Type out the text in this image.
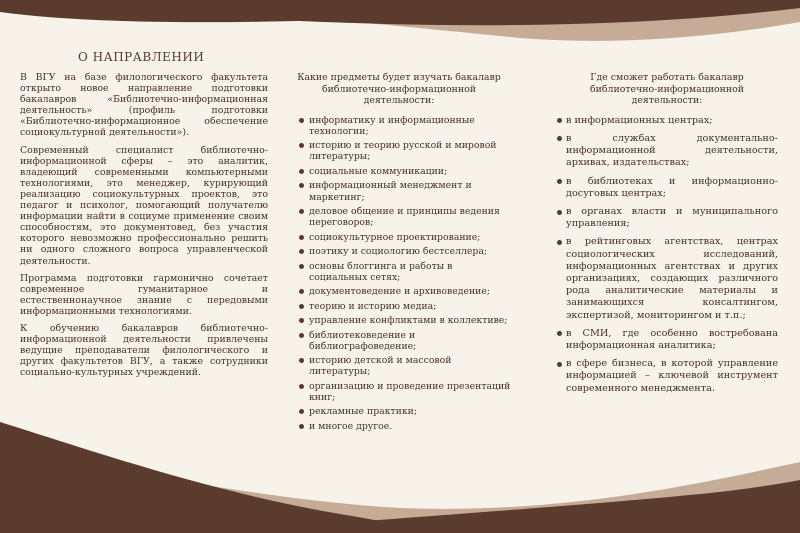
О НАПРАВЛЕНИИ

В ВГУ на базе филологического факультета открыто новое направление подготовки бакалавров «Библиотечно-информационная деятельность» (профиль подготовки «Библиотечно-информационное обеспечение социокультурной деятельности»).

Современный специалист библиотечно-информационной сферы – это аналитик, владеющий современными компьютерными технологиями, это менеджер, курирующий реализацию социокультурных проектов, это педагог и психолог, помогающий получателю информации найти в социуме применение своим способностям, это документовед, без участия которого невозможно профессионально решить ни одного сложного вопроса управленческой деятельности.

Программа подготовки гармонично сочетает современное гуманитарное и естественнонаучное знание с передовыми информационными технологиями.

К обучению бакалавров библиотечно-информационной деятельности привлечены ведущие преподаватели филологического и других факультетов ВГУ, а также сотрудники социально-культурных учреждений.

Какие предметы будет изучать бакалавр библиотечно-информационной деятельности:
информатику и информационные технологии;
историю и теорию русской и мировой литературы;
социальные коммуникации;
информационный менеджмент и маркетинг;
деловое общение и принципы ведения переговоров;
социокультурное проектирование;
поэтику и социологию бестселлера;
основы блоггинга и работы в социальных сетях;
документоведение и архивоведение;
теорию и историю медиа;
управление конфликтами в коллективе;
библиотековедение и библиографоведение;
историю детской и массовой литературы;
организацию и проведение презентаций книг;
рекламные практики;
и многое другое.
Где сможет работать бакалавр библиотечно-информационной деятельности:
в информационных центрах;
в службах документально-информационной деятельности, архивах, издательствах;
в библиотеках и информационно-досуговых центрах;
в органах власти и муниципального управления;
в рейтинговых агентствах, центрах социологических исследований, информационных агентствах и других организациях, создающих различного рода аналитические материалы и занимающихся консалтингом, экспертизой, мониторингом и т.п.;
в СМИ, где особенно востребована информационная аналитика;
в сфере бизнеса, в которой управление информацией – ключевой инструмент современного менеджмента.
